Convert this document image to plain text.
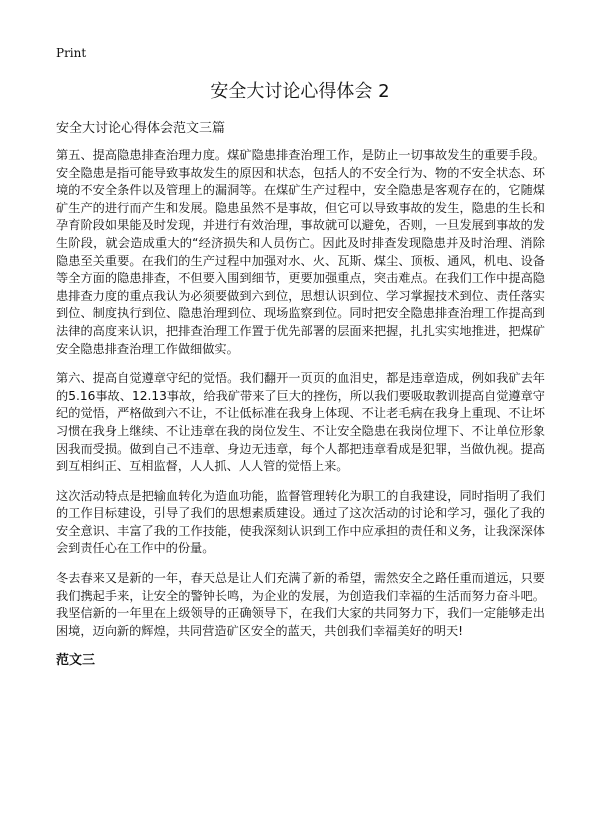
Print
安全大讨论心得体会 2
安全大讨论心得体会范文三篇

第五、提高隐患排查治理力度。煤矿隐患排查治理工作，是防止一切事故发生的重要手段。安全隐患是指可能导致事故发生的原因和状态，包括人的不安全行为、物的不安全状态、环境的不安全条件以及管理上的漏洞等。在煤矿生产过程中，安全隐患是客观存在的，它随煤矿生产的进行而产生和发展。隐患虽然不是事故，但它可以导致事故的发生，隐患的生长和孕育阶段如果能及时发现，并进行有效治理，事故就可以避免，否则，一旦发展到事故的发生阶段，就会造成重大的“经济损失和人员伤亡。因此及时排查发现隐患并及时治理、消除隐患至关重要。在我们的生产过程中加强对水、火、瓦斯、煤尘、顶板、通风，机电、设备等全方面的隐患排查，不但要入围到细节，更要加强重点，突击难点。在我们工作中提高隐患排查力度的重点我认为必须要做到六到位，思想认识到位、学习掌握技术到位、责任落实到位、制度执行到位、隐患治理到位、现场监察到位。同时把安全隐患排查治理工作提高到法律的高度来认识，把排查治理工作置于优先部署的层面来把握，扎扎实实地推进，把煤矿安全隐患排查治理工作做细做实。

第六、提高自觉遵章守纪的觉悟。我们翻开一页页的血泪史，都是违章造成，例如我矿去年的5.16事故、12.13事故，给我矿带来了巨大的挫伤，所以我们要吸取教训提高自觉遵章守纪的觉悟，严格做到六不让，不让低标准在我身上体现、不让老毛病在我身上重现、不让坏习惯在我身上继续、不让违章在我的岗位发生、不让安全隐患在我岗位埋下、不让单位形象因我而受损。做到自己不违章、身边无违章，每个人都把违章看成是犯罪，当做仇视。提高到互相纠正、互相监督，人人抓、人人管的觉悟上来。

这次活动特点是把输血转化为造血功能，监督管理转化为职工的自我建设，同时指明了我们的工作目标建设，引导了我们的思想素质建设。通过了这次活动的讨论和学习，强化了我的安全意识、丰富了我的工作技能，使我深刻认识到工作中应承担的责任和义务，让我深深体会到责任心在工作中的份量。

冬去春来又是新的一年，春天总是让人们充满了新的希望，需然安全之路任重而道远，只要我们携起手来，让安全的警钟长鸣，为企业的发展，为创造我们幸福的生活而努力奋斗吧。我坚信新的一年里在上级领导的正确领导下，在我们大家的共同努力下，我们一定能够走出困境，迈向新的辉煌，共同营造矿区安全的蓝天，共创我们幸福美好的明天!

范文三
